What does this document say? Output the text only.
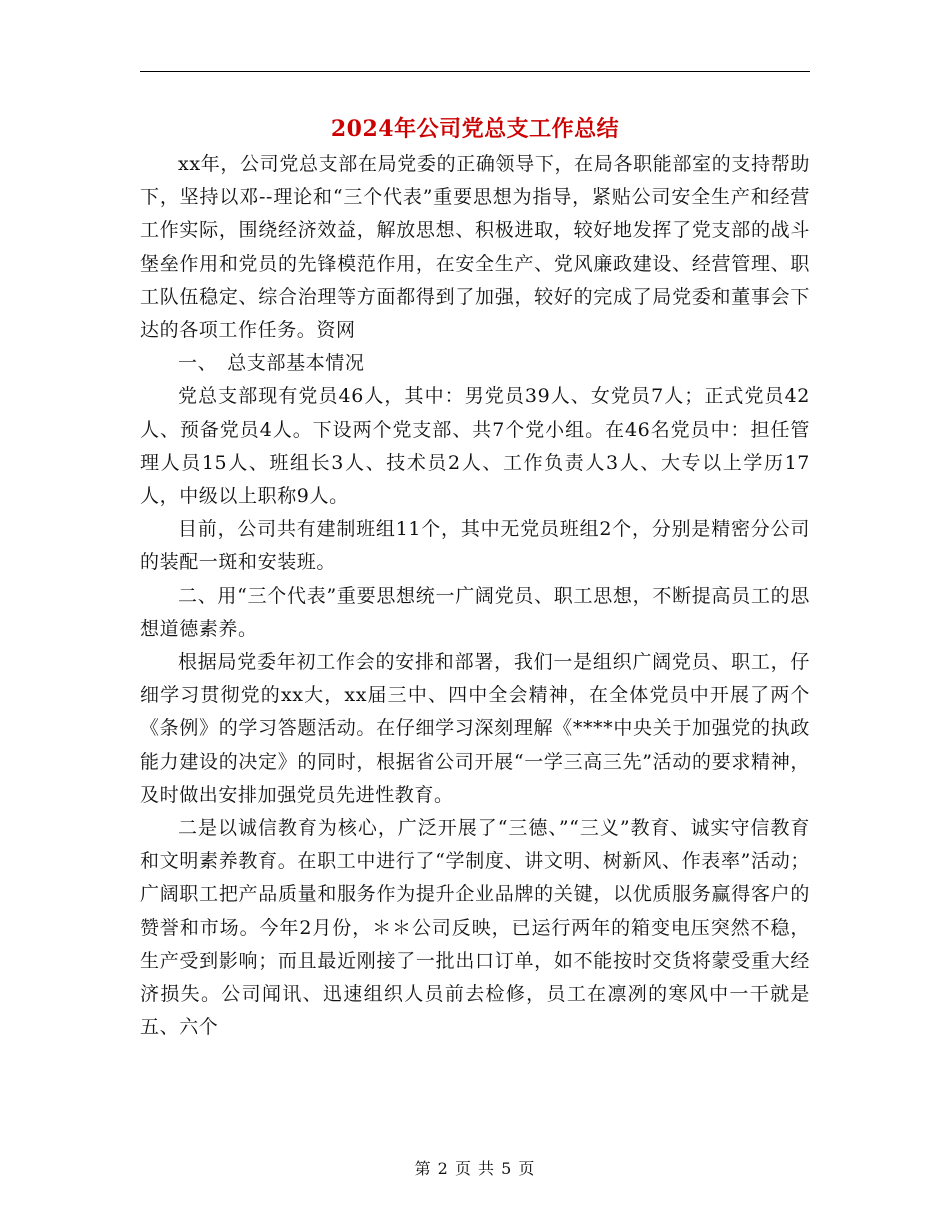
2024年公司党总支工作总结

xx年，公司党总支部在局党委的正确领导下，在局各职能部室的支持帮助下，坚持以邓--理论和“三个代表”重要思想为指导，紧贴公司安全生产和经营工作实际，围绕经济效益，解放思想、积极进取，较好地发挥了党支部的战斗堡垒作用和党员的先锋模范作用，在安全生产、党风廉政建设、经营管理、职工队伍稳定、综合治理等方面都得到了加强，较好的完成了局党委和董事会下达的各项工作任务。资网

一、　总支部基本情况

党总支部现有党员46人，其中：男党员39人、女党员7人；正式党员42人、预备党员4人。下设两个党支部、共7个党小组。在46名党员中：担任管理人员15人、班组长3人、技术员2人、工作负责人3人、大专以上学历17人，中级以上职称9人。

目前，公司共有建制班组11个，其中无党员班组2个，分别是精密分公司的装配一斑和安装班。

二、用“三个代表”重要思想统一广阔党员、职工思想，不断提高员工的思想道德素养。

根据局党委年初工作会的安排和部署，我们一是组织广阔党员、职工，仔细学习贯彻党的xx大，xx届三中、四中全会精神，在全体党员中开展了两个《条例》的学习答题活动。在仔细学习深刻理解《****中央关于加强党的执政能力建设的决定》的同时，根据省公司开展“一学三高三先”活动的要求精神，及时做出安排加强党员先进性教育。

二是以诚信教育为核心，广泛开展了“三德、”“三义”教育、诚实守信教育和文明素养教育。在职工中进行了“学制度、讲文明、树新风、作表率”活动；广阔职工把产品质量和服务作为提升企业品牌的关键，以优质服务赢得客户的赞誉和市场。今年2月份，＊＊公司反映，已运行两年的箱变电压突然不稳，生产受到影响；而且最近刚接了一批出口订单，如不能按时交货将蒙受重大经济损失。公司闻讯、迅速组织人员前去检修，员工在凛冽的寒风中一干就是五、六个

第 2 页 共 5 页
